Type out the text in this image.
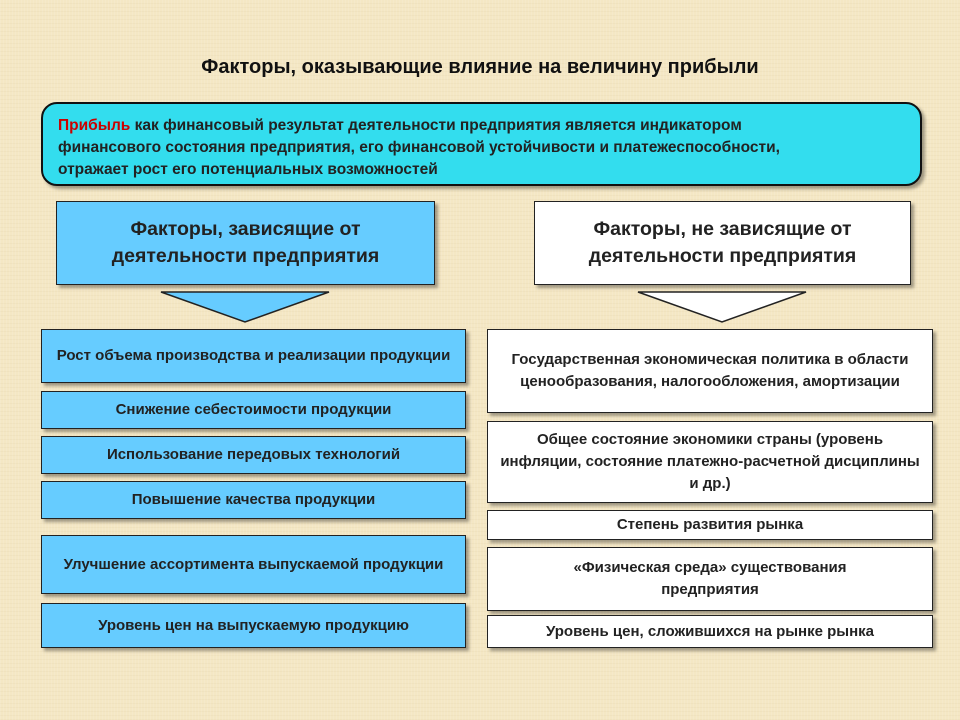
Факторы, оказывающие влияние на величину прибыли
Прибыль как финансовый результат деятельности предприятия является индикатором
финансового состояния предприятия, его финансовой устойчивости и платежеспособности,
отражает рост его потенциальных возможностей
Факторы, зависящие от деятельности предприятия
Факторы, не зависящие от деятельности предприятия
Рост объема производства и реализации продукции
Снижение себестоимости продукции
Использование передовых технологий
Повышение качества продукции
Улучшение ассортимента выпускаемой продукции
Уровень цен на выпускаемую продукцию
Государственная экономическая политика в области ценообразования, налогообложения, амортизации
Общее состояние экономики страны (уровень инфляции, состояние платежно-расчетной дисциплины и др.)
Степень развития рынка
«Физическая среда» существования предприятия
Уровень цен, сложившихся на рынке рынка
